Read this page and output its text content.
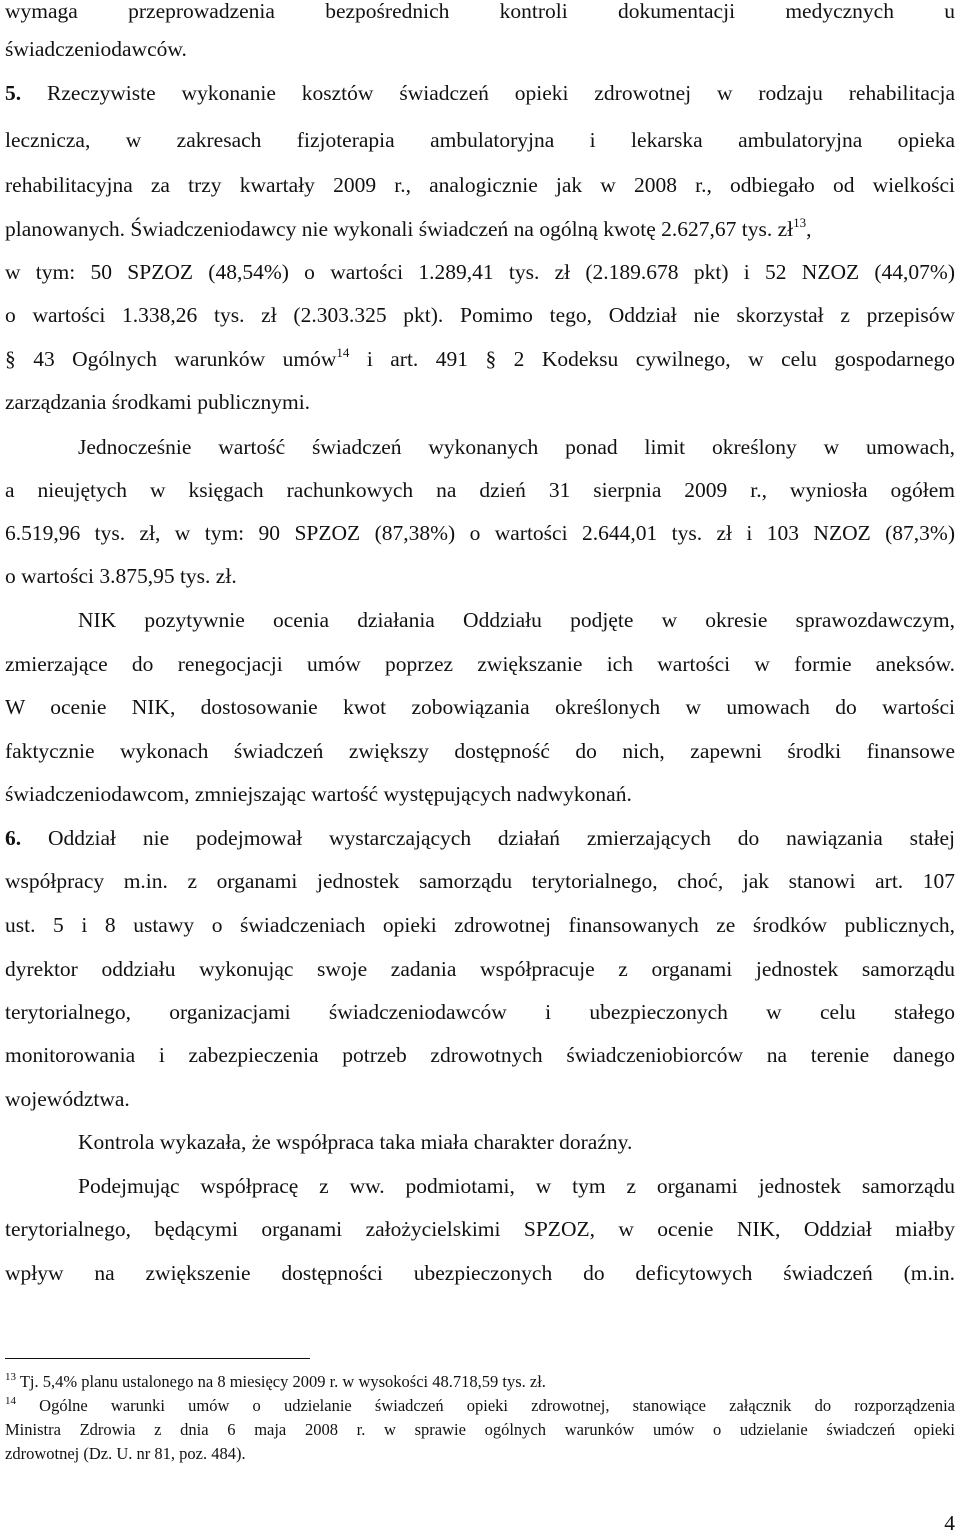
wymaga przeprowadzenia bezpośrednich kontroli dokumentacji medycznych u
świadczeniodawców.
5. Rzeczywiste wykonanie kosztów świadczeń opieki zdrowotnej w rodzaju rehabilitacja
lecznicza, w zakresach fizjoterapia ambulatoryjna i lekarska ambulatoryjna opieka
rehabilitacyjna za trzy kwartały 2009 r., analogicznie jak w 2008 r., odbiegało od wielkości
planowanych. Świadczeniodawcy nie wykonali świadczeń na ogólną kwotę 2.627,67 tys. $zł^{13}$,
w tym: 50 SPZOZ (48,54%) o wartości 1.289,41 tys. zł (2.189.678 pkt) i 52 NZOZ (44,07%)
o wartości 1.338,26 tys. zł (2.303.325 pkt). Pomimo tego, Oddział nie skorzystał z przepisów
§ 43 Ogólnych warunków umów$^{14}$ i art. 491 § 2 Kodeksu cywilnego, w celu gospodarnego
zarządzania środkami publicznymi.
Jednocześnie wartość świadczeń wykonanych ponad limit określony w umowach,
a nieujętych w księgach rachunkowych na dzień 31 sierpnia 2009 r., wyniosła ogółem
6.519,96 tys. zł, w tym: 90 SPZOZ (87,38%) o wartości 2.644,01 tys. zł i 103 NZOZ (87,3%)
o wartości 3.875,95 tys. zł.
NIK pozytywnie ocenia działania Oddziału podjęte w okresie sprawozdawczym,
zmierzające do renegocjacji umów poprzez zwiększanie ich wartości w formie aneksów.
W ocenie NIK, dostosowanie kwot zobowiązania określonych w umowach do wartości
faktycznie wykonach świadczeń zwiększy dostępność do nich, zapewni środki finansowe
świadczeniodawcom, zmniejszając wartość występujących nadwykonań.
6. Oddział nie podejmował wystarczających działań zmierzających do nawiązania stałej
współpracy m.in. z organami jednostek samorządu terytorialnego, choć, jak stanowi art. 107
ust. 5 i 8 ustawy o świadczeniach opieki zdrowotnej finansowanych ze środków publicznych,
dyrektor oddziału wykonując swoje zadania współpracuje z organami jednostek samorządu
terytorialnego, organizacjami świadczeniodawców i ubezpieczonych w celu stałego
monitorowania i zabezpieczenia potrzeb zdrowotnych świadczeniobiorców na terenie danego
województwa.
Kontrola wykazała, że współpraca taka miała charakter doraźny.
Podejmując współpracę z ww. podmiotami, w tym z organami jednostek samorządu
terytorialnego, będącymi organami założycielskimi SPZOZ, w ocenie NIK, Oddział miałby
wpływ na zwiększenie dostępności ubezpieczonych do deficytowych świadczeń (m.in.
$^{13}$ Tj. 5,4% planu ustalonego na 8 miesięcy 2009 r. w wysokości 48.718,59 tys. zł.
$^{14}$ Ogólne warunki umów o udzielanie świadczeń opieki zdrowotnej, stanowiące załącznik do rozporządzenia
Ministra Zdrowia z dnia 6 maja 2008 r. w sprawie ogólnych warunków umów o udzielanie świadczeń opieki
zdrowotnej (Dz. U. nr 81, poz. 484).
4
